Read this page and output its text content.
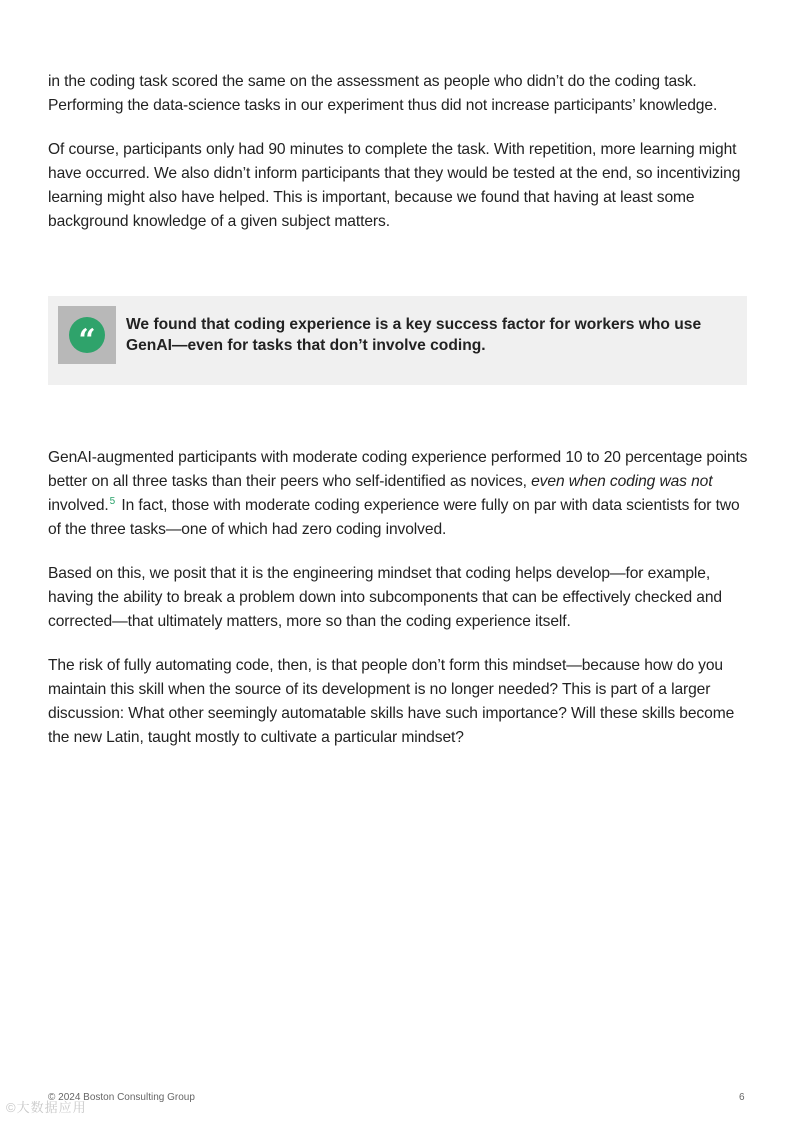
in the coding task scored the same on the assessment as people who didn’t do the coding task. Performing the data-science tasks in our experiment thus did not increase participants’ knowledge.

Of course, participants only had 90 minutes to complete the task. With repetition, more learning might have occurred. We also didn’t inform participants that they would be tested at the end, so incentivizing learning might also have helped. This is important, because we found that having at least some background knowledge of a given subject matters.

“	We found that coding experience is a key success factor for workers who use GenAI—even for tasks that don’t involve coding.

GenAI-augmented participants with moderate coding experience performed 10 to 20 percentage points better on all three tasks than their peers who self-identified as novices, even when coding was not involved.$^5$ In fact, those with moderate coding experience were fully on par with data scientists for two of the three tasks—one of which had zero coding involved.

Based on this, we posit that it is the engineering mindset that coding helps develop—for example, having the ability to break a problem down into subcomponents that can be effectively checked and corrected—that ultimately matters, more so than the coding experience itself.

The risk of fully automating code, then, is that people don’t form this mindset—because how do you maintain this skill when the source of its development is no longer needed? This is part of a larger discussion: What other seemingly automatable skills have such importance? Will these skills become the new Latin, taught mostly to cultivate a particular mindset?

© 2024 Boston Consulting Group	6
©大数据应用
